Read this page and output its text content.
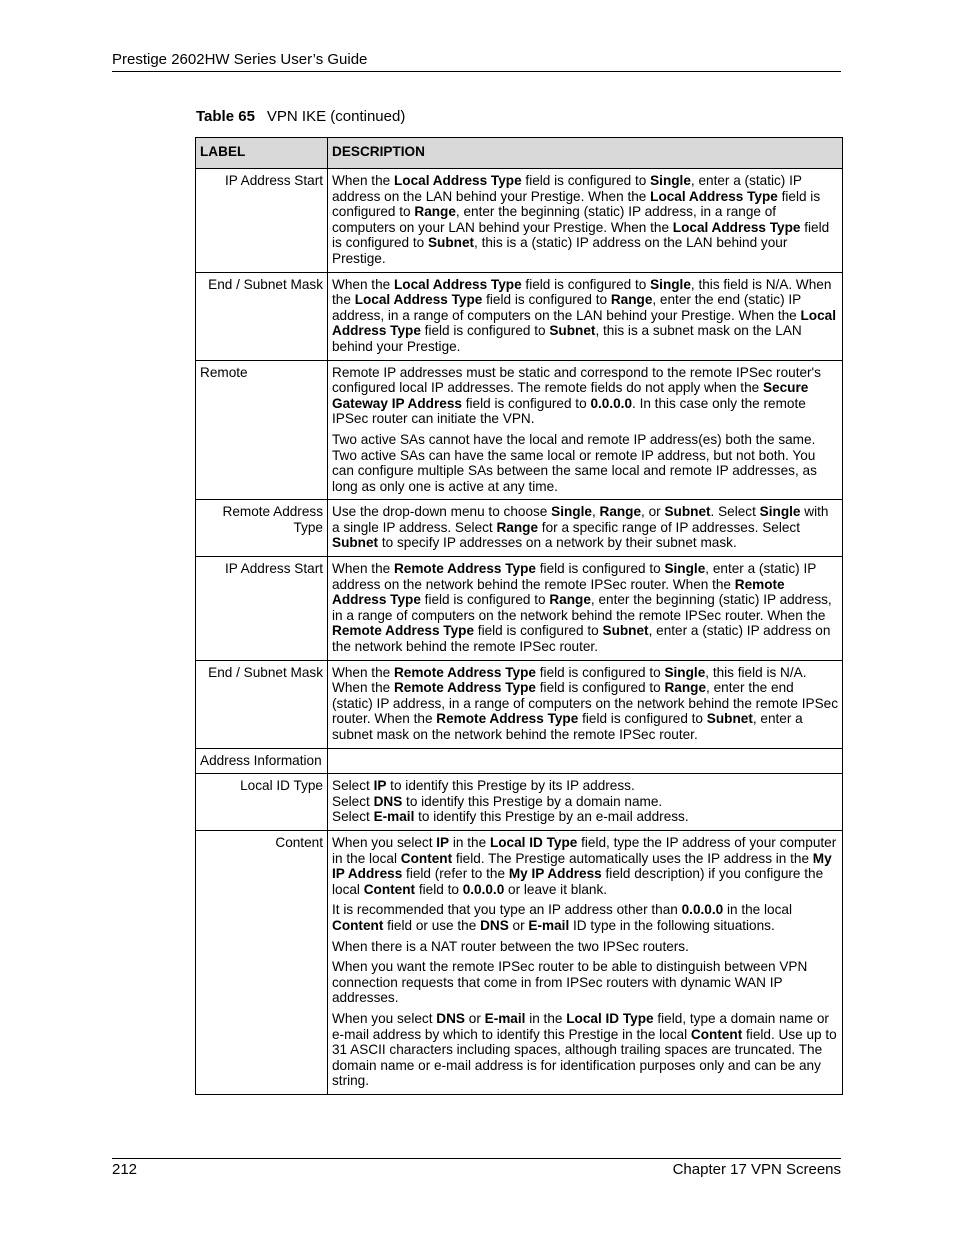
Prestige 2602HW Series User’s Guide
Table 65 VPN IKE (continued)
LABEL	DESCRIPTION
IP Address Start	When the Local Address Type field is configured to Single, enter a (static) IP address on the LAN behind your Prestige. When the Local Address Type field is configured to Range, enter the beginning (static) IP address, in a range of computers on your LAN behind your Prestige. When the Local Address Type field is configured to Subnet, this is a (static) IP address on the LAN behind your Prestige.

End / Subnet Mask	When the Local Address Type field is configured to Single, this field is N/A. When the Local Address Type field is configured to Range, enter the end (static) IP address, in a range of computers on the LAN behind your Prestige. When the Local Address Type field is configured to Subnet, this is a subnet mask on the LAN behind your Prestige.

Remote	Remote IP addresses must be static and correspond to the remote IPSec router's configured local IP addresses. The remote fields do not apply when the Secure Gateway IP Address field is configured to 0.0.0.0. In this case only the remote IPSec router can initiate the VPN.
Two active SAs cannot have the local and remote IP address(es) both the same. Two active SAs can have the same local or remote IP address, but not both. You can configure multiple SAs between the same local and remote IP addresses, as long as only one is active at any time.

Remote Address Type	Use the drop-down menu to choose Single, Range, or Subnet. Select Single with a single IP address. Select Range for a specific range of IP addresses. Select Subnet to specify IP addresses on a network by their subnet mask.

IP Address Start	When the Remote Address Type field is configured to Single, enter a (static) IP address on the network behind the remote IPSec router. When the Remote Address Type field is configured to Range, enter the beginning (static) IP address, in a range of computers on the network behind the remote IPSec router. When the Remote Address Type field is configured to Subnet, enter a (static) IP address on the network behind the remote IPSec router.

End / Subnet Mask	When the Remote Address Type field is configured to Single, this field is N/A. When the Remote Address Type field is configured to Range, enter the end (static) IP address, in a range of computers on the network behind the remote IPSec router. When the Remote Address Type field is configured to Subnet, enter a subnet mask on the network behind the remote IPSec router.

Address Information	
Local ID Type	Select IP to identify this Prestige by its IP address.
Select DNS to identify this Prestige by a domain name.
Select E-mail to identify this Prestige by an e-mail address.

Content	When you select IP in the Local ID Type field, type the IP address of your computer in the local Content field. The Prestige automatically uses the IP address in the My IP Address field (refer to the My IP Address field description) if you configure the local Content field to 0.0.0.0 or leave it blank.
It is recommended that you type an IP address other than 0.0.0.0 in the local Content field or use the DNS or E-mail ID type in the following situations.
When there is a NAT router between the two IPSec routers.
When you want the remote IPSec router to be able to distinguish between VPN connection requests that come in from IPSec routers with dynamic WAN IP addresses.
When you select DNS or E-mail in the Local ID Type field, type a domain name or e-mail address by which to identify this Prestige in the local Content field. Use up to 31 ASCII characters including spaces, although trailing spaces are truncated. The domain name or e-mail address is for identification purposes only and can be any string.
212	Chapter 17 VPN Screens
